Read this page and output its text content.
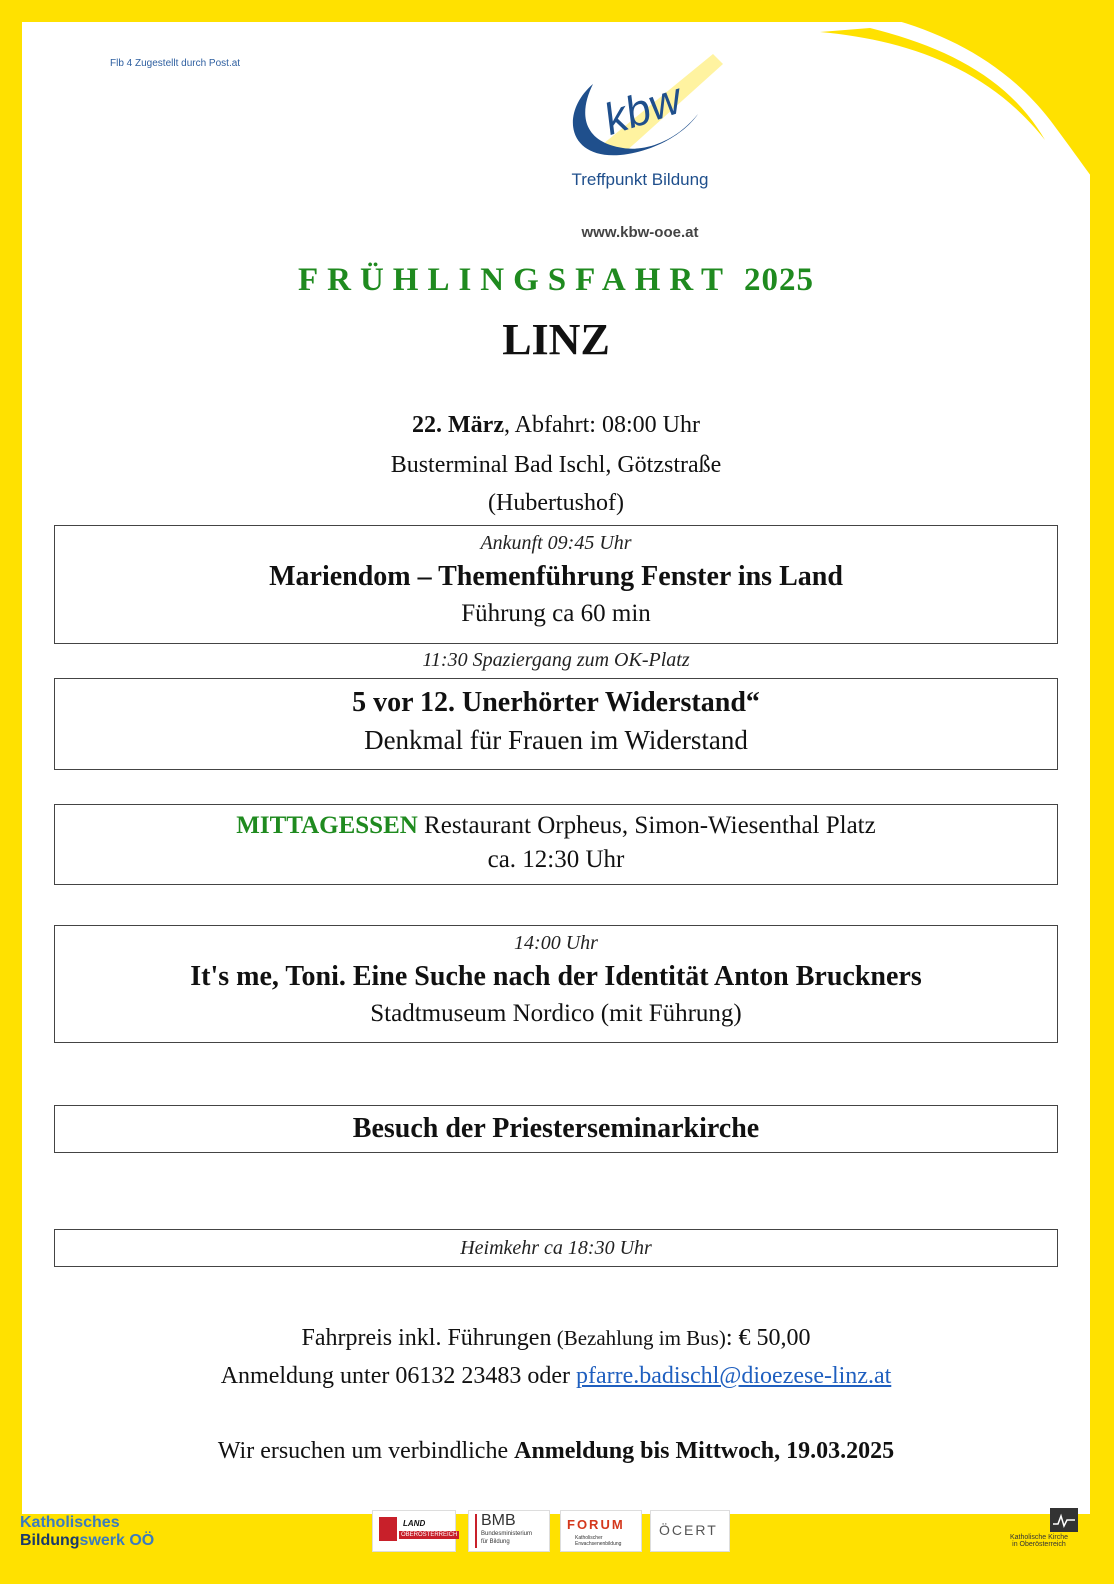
Flb 4 Zugestellt durch Post.at
kbw
Treffpunkt Bildung
www.kbw-ooe.at
FRÜHLINGSFAHRT 2025
LINZ
22. März, Abfahrt: 08:00 Uhr
Busterminal Bad Ischl, Götzstraße
(Hubertushof)
Ankunft 09:45 Uhr
Mariendom – Themenführung Fenster ins Land
Führung ca 60 min
11:30 Spaziergang zum OK-Platz
5 vor 12. Unerhörter Widerstand“
Denkmal für Frauen im Widerstand
MITTAGESSEN Restaurant Orpheus, Simon-Wiesenthal Platz
ca. 12:30 Uhr
14:00 Uhr
It's me, Toni. Eine Suche nach der Identität Anton Bruckners
Stadtmuseum Nordico (mit Führung)
Besuch der Priesterseminarkirche
Heimkehr ca 18:30 Uhr
Fahrpreis inkl. Führungen (Bezahlung im Bus): € 50,00
Anmeldung unter 06132 23483 oder pfarre.badischl@dioezese-linz.at
Wir ersuchen um verbindliche Anmeldung bis Mittwoch, 19.03.2025
Katholisches
Bildungswerk OÖ
LAND
OBERÖSTERREICH
BMB
Bundesministerium
für Bildung
FORUM
Katholischer
Erwachsenenbildung
ÖCERT	Katholische Kirche
in Oberösterreich
